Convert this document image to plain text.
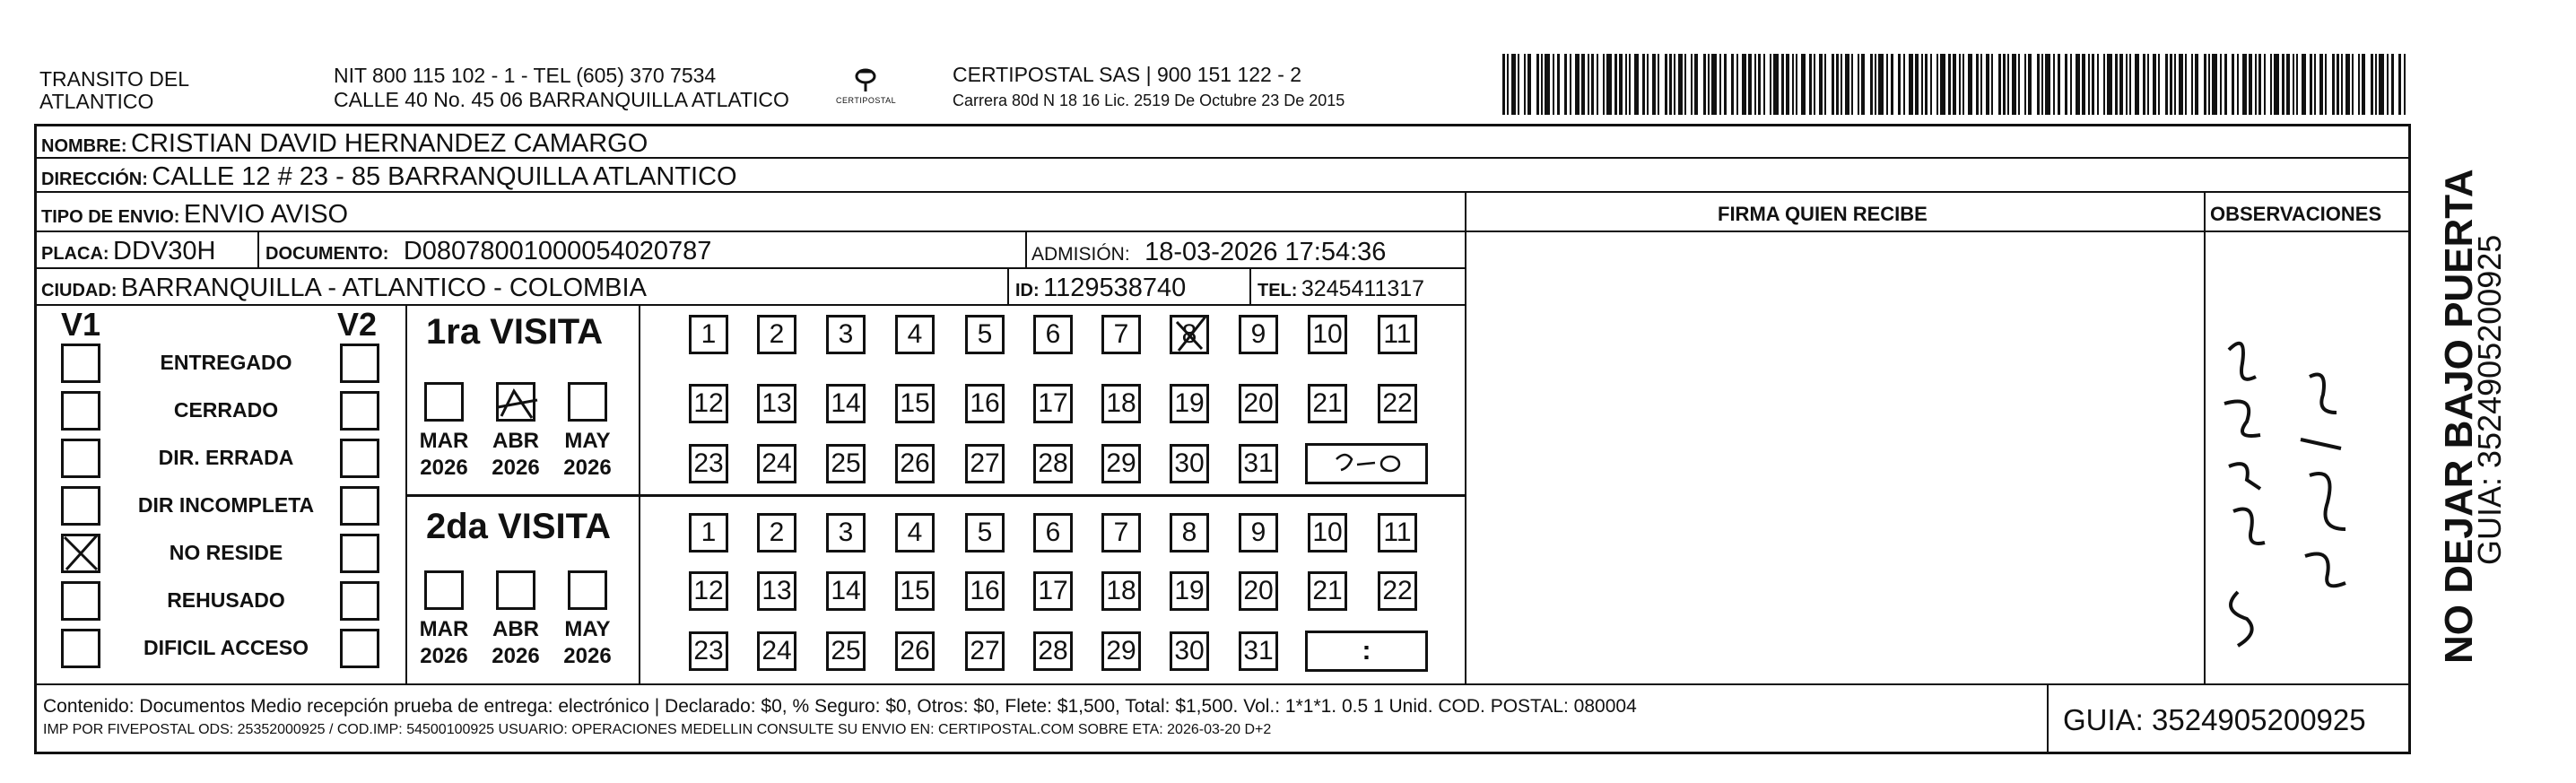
TRANSITO DEL
ATLANTICO
NIT 800 115 102 - 1 - TEL (605) 370 7534
CALLE 40 No. 45 06 BARRANQUILLA ATLATICO	CERTIPOSTAL
CERTIPOSTAL SAS | 900 151 122 - 2
Carrera 80d N 18 16 Lic. 2519 De Octubre 23 De 2015
NOMBRE: CRISTIAN DAVID HERNANDEZ CAMARGO
DIRECCIÓN: CALLE 12 # 23 - 85 BARRANQUILLA ATLANTICO
TIPO DE ENVIO: ENVIO AVISO
PLACA: DDV30H	DOCUMENTO: D08078001000054020787	ADMISIÓN: 18-03-2026 17:54:36
CIUDAD: BARRANQUILLA - ATLANTICO - COLOMBIA	ID: 1129538740	TEL: 3245411317
FIRMA QUIEN RECIBE	OBSERVACIONES
V1	V2
ENTREGADO
CERRADO
DIR. ERRADA
DIR INCOMPLETA
NO RESIDE
REHUSADO
DIFICIL ACCESO
1ra VISITA
2da VISITA
MAR
2026
ABR
2026
MAY
2026
MAR
2026
ABR
2026
MAY
2026
1 2 3 4 5 6 7 8 9 10 11
12 13 14 15 16 17 18 19 20 21 22
23 24 25 26 27 28 29 30 31
1 2 3 4 5 6 7 8 9 10 11
12 13 14 15 16 17 18 19 20 21 22
23 24 25 26 27 28 29 30 31	:
Contenido: Documentos Medio recepción prueba de entrega: electrónico | Declarado: $0, % Seguro: $0, Otros: $0, Flete: $1,500, Total: $1,500. Vol.: 1*1*1. 0.5 1 Unid. COD. POSTAL: 080004
IMP POR FIVEPOSTAL ODS: 25352000925 / COD.IMP: 54500100925 USUARIO: OPERACIONES MEDELLIN CONSULTE SU ENVIO EN: CERTIPOSTAL.COM SOBRE ETA: 2026-03-20 D+2	GUIA: 3524905200925
NO DEJAR BAJO PUERTA
GUIA: 3524905200925
